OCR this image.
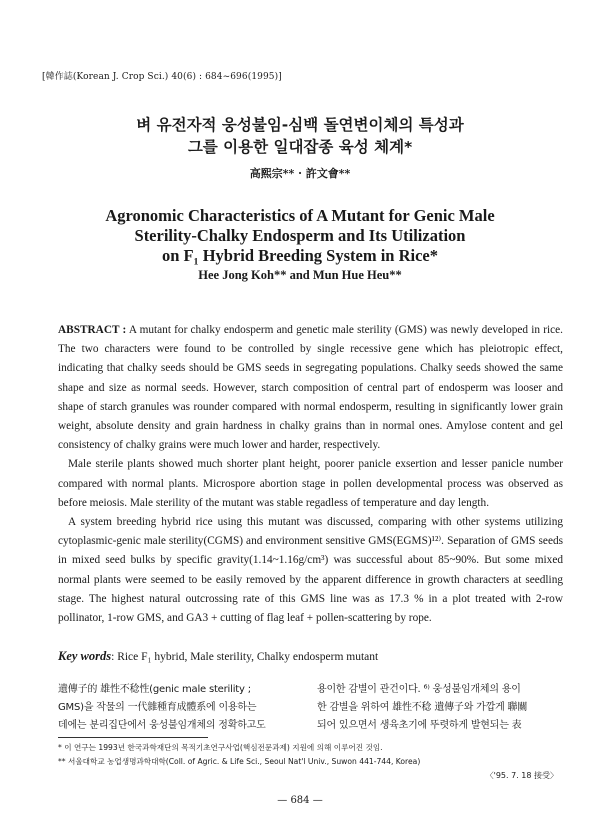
[韓作誌(Korean J. Crop Sci.) 40(6) : 684~696(1995)]
벼 유전자적 웅성불임-심백 돌연변이체의 특성과
그를 이용한 일대잡종 육성 체계*
高熙宗** · 許文會**
Agronomic Characteristics of A Mutant for Genic Male
Sterility-Chalky Endosperm and Its Utilization
on F₁ Hybrid Breeding System in Rice*
Hee Jong Koh** and Mun Hue Heu**

ABSTRACT : A mutant for chalky endosperm and genetic male sterility (GMS) was newly developed in rice. The two characters were found to be controlled by single recessive gene which has pleiotropic effect, indicating that chalky seeds should be GMS seeds in segregating populations. Chalky seeds showed the same shape and size as normal seeds. However, starch composition of central part of endosperm was looser and shape of starch granules was rounder compared with normal endosperm, resulting in significantly lower grain weight, absolute density and grain hardness in chalky grains than in normal ones. Amylose content and gel consistency of chalky grains were much lower and harder, respectively.

Male sterile plants showed much shorter plant height, poorer panicle exsertion and lesser panicle number compared with normal plants. Microspore abortion stage in pollen developmental process was observed as before meiosis. Male sterility of the mutant was stable regadless of temperature and day length.

A system breeding hybrid rice using this mutant was discussed, comparing with other systems utilizing cytoplasmic-genic male sterility(CGMS) and environment sensitive GMS(EGMS)¹²⁾. Separation of GMS seeds in mixed seed bulks by specific gravity(1.14~1.16g/cm³) was successful about 85~90%. But some mixed normal plants were seemed to be easily removed by the apparent difference in growth characters at seedling stage. The highest natural outcrossing rate of this GMS line was as 17.3 % in a plot treated with 2-row pollinator, 1-row GMS, and GA3 + cutting of flag leaf + pollen-scattering by rope.

Key words: Rice F₁ hybrid, Male sterility, Chalky endosperm mutant
遺傳子的 雄性不稔性(genic male sterility ;
GMS)을 작물의 一代雜種育成體系에 이용하는
데에는 분리집단에서 웅성불임개체의 정확하고도
용이한 감별이 관건이다. ⁶⁾ 웅성불임개체의 용이
한 감별을 위하여 雄性不稔 遺傳子와 가깝게 聯關
되어 있으면서 생육초기에 뚜렷하게 발현되는 表
* 이 연구는 1993년 한국과학재단의 목적기초연구사업(핵심전문과제) 지원에 의해 이루어진 것임.
** 서울대학교 농업생명과학대학(Coll. of Agric. & Life Sci., Seoul Nat'l Univ., Suwon 441-744, Korea)
〈'95. 7. 18 接受〉
— 684 —
